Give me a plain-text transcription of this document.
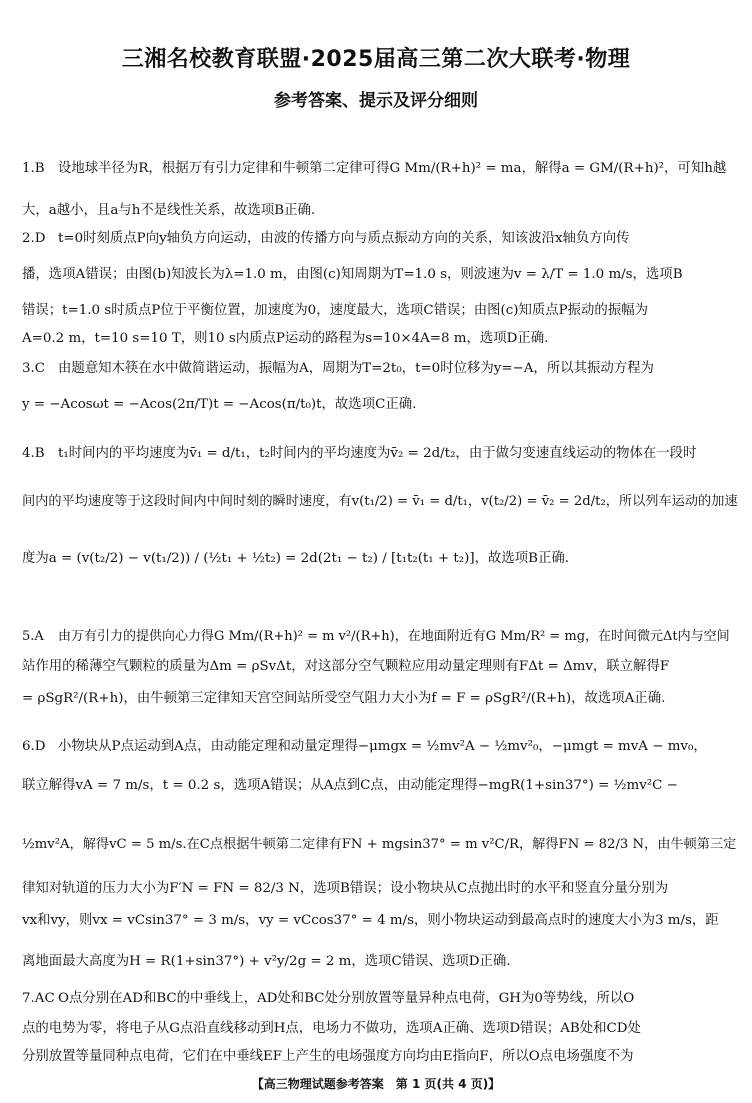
三湘名校教育联盟·2025届高三第二次大联考·物理
参考答案、提示及评分细则
1.B 设地球半径为R，根据万有引力定律和牛顿第二定律可得G Mm/(R+h)² = ma，解得a = GM/(R+h)²，可知h越
大，a越小，且a与h不是线性关系，故选项B正确.
2.D t=0时刻质点P向y轴负方向运动，由波的传播方向与质点振动方向的关系，知该波沿x轴负方向传
播，选项A错误；由图(b)知波长为λ=1.0 m，由图(c)知周期为T=1.0 s，则波速为v = λ/T = 1.0 m/s，选项B
错误；t=1.0 s时质点P位于平衡位置，加速度为0，速度最大，选项C错误；由图(c)知质点P振动的振幅为
A=0.2 m，t=10 s=10 T，则10 s内质点P运动的路程为s=10×4A=8 m，选项D正确.
3.C 由题意知木筷在水中做简谐运动，振幅为A，周期为T=2t₀，t=0时位移为y=−A，所以其振动方程为
y = −Acosωt = −Acos(2π/T)t = −Acos(π/t₀)t，故选项C正确.
4.B t₁时间内的平均速度为v̄₁ = d/t₁，t₂时间内的平均速度为v̄₂ = 2d/t₂，由于做匀变速直线运动的物体在一段时
间内的平均速度等于这段时间内中间时刻的瞬时速度，有v(t₁/2) = v̄₁ = d/t₁，v(t₂/2) = v̄₂ = 2d/t₂，所以列车运动的加速
度为a = (v(t₂/2) − v(t₁/2)) / (½t₁ + ½t₂) = 2d(2t₁ − t₂) / [t₁t₂(t₁ + t₂)]，故选项B正确.
5.A 由万有引力的提供向心力得G Mm/(R+h)² = m v²/(R+h)，在地面附近有G Mm/R² = mg，在时间微元Δt内与空间
站作用的稀薄空气颗粒的质量为Δm = ρSvΔt，对这部分空气颗粒应用动量定理则有FΔt = Δmv，联立解得F
= ρSgR²/(R+h)，由牛顿第三定律知天宫空间站所受空气阻力大小为f = F = ρSgR²/(R+h)，故选项A正确.
6.D 小物块从P点运动到A点，由动能定理和动量定理得−μmgx = ½mv²A − ½mv²₀，−μmgt = mvA − mv₀，
联立解得vA = 7 m/s，t = 0.2 s，选项A错误；从A点到C点，由动能定理得−mgR(1+sin37°) = ½mv²C −
½mv²A，解得vC = 5 m/s.在C点根据牛顿第二定律有FN + mgsin37° = m v²C/R，解得FN = 82/3 N，由牛顿第三定
律知对轨道的压力大小为F′N = FN = 82/3 N，选项B错误；设小物块从C点抛出时的水平和竖直分量分别为
vx和vy，则vx = vCsin37° = 3 m/s，vy = vCcos37° = 4 m/s，则小物块运动到最高点时的速度大小为3 m/s，距
离地面最大高度为H = R(1+sin37°) + v²y/2g = 2 m，选项C错误、选项D正确.
7.AC O点分别在AD和BC的中垂线上，AD处和BC处分别放置等量异种点电荷，GH为0等势线，所以O
点的电势为零，将电子从G点沿直线移动到H点，电场力不做功，选项A正确、选项D错误；AB处和CD处
分别放置等量同种点电荷，它们在中垂线EF上产生的电场强度方向均由E指向F，所以O点电场强度不为
【高三物理试题参考答案　第 1 页(共 4 页)】
